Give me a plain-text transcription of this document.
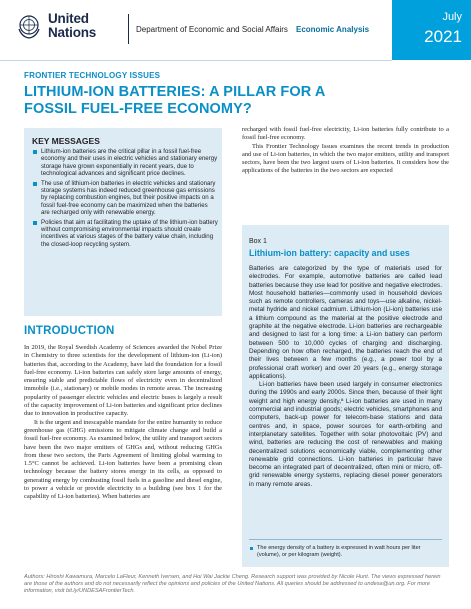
United
Nations	Department of Economic and Social Affairs Economic Analysis
July
2021
FRONTIER TECHNOLOGY ISSUES
LITHIUM-ION BATTERIES: A PILLAR FOR A FOSSIL FUEL-FREE ECONOMY?
KEY MESSAGES
Lithium-ion batteries are the critical pillar in a fossil fuel-free economy and their uses in electric vehicles and stationary energy storage have grown exponentially in recent years, due to technological advances and significant price declines.
The use of lithium-ion batteries in electric vehicles and stationary storage systems has indeed reduced greenhouse gas emissions by replacing combustion engines, but their positive impacts on a fossil fuel-free economy can be maximized when the batteries are recharged only with renewable energy.
Policies that aim at facilitating the uptake of the lithium-ion battery without compromising environmental impacts should create incentives at various stages of the battery value chain, including the closed-loop recycling system.
INTRODUCTION

In 2019, the Royal Swedish Academy of Sciences awarded the Nobel Prize in Chemistry to three scientists for the development of lithium-ion (Li-ion) batteries that, according to the Academy, have laid the foundation for a fossil fuel-free economy. Li-ion batteries can safely store large amounts of energy, ensuring stable and predictable flows of electricity even in decentralized immobile (i.e., stationary) or mobile modes in remote areas. The increasing popularity of passenger electric vehicles and electric buses is largely a result of the capacity improvement of Li-ion batteries and significant price declines due to innovation in productive capacity.

It is the urgent and inescapable mandate for the entire humanity to reduce greenhouse gas (GHG) emissions to mitigate climate change and build a fossil fuel-free economy. As examined below, the utility and transport sectors have been the two major emitters of GHGs and, without reducing GHGs from these two sectors, the Paris Agreement of limiting global warming to 1.5°C cannot be achieved. Li-ion batteries have been a promising clean technology because the battery stores energy in its cells, as opposed to generating energy by combusting fossil fuels in a gasoline and diesel engine, to power a vehicle or provide electricity to a building (see box 1 for the capability of Li-ion batteries). When batteries are

recharged with fossil fuel-free electricity, Li-ion batteries fully contribute to a fossil fuel-free economy.

This Frontier Technology Issues examines the recent trends in production and use of Li-ion batteries, in which the two major emitters, utility and transport sectors, have been the two largest users of Li-ion batteries. It considers how the applications of the batteries in the two sectors are expected

Box 1
Lithium-ion battery: capacity and uses

Batteries are categorized by the type of materials used for electrodes. For example, automotive batteries are called lead batteries because they use lead for positive and negative electrodes. Most household batteries—commonly used in household devices such as remote controllers, cameras and toys—use alkaline, nickel-metal hydride and nickel cadmium. Lithium-ion (Li-ion) batteries use a lithium compound as the material at the positive electrode and graphite at the negative electrode. Li-ion batteries are rechargeable and designed to last for a long time: a Li-ion battery can perform between 500 to 10,000 cycles of charging and discharging. Depending on how often recharged, the batteries reach the end of their lives between a few months (e.g., a power tool by a professional craft worker) and over 20 years (e.g., energy storage applications).

Li-ion batteries have been used largely in consumer electronics during the 1990s and early 2000s. Since then, because of their light weight and high energy density,ª Li-ion batteries are used in many commercial and industrial goods; electric vehicles, smartphones and computers, back-up power for telecom-base stations and data centres and, in space, power sources for earth-orbiting and interplanetary satellites. Together with solar photovoltaic (PV) and wind, batteries are reducing the cost of renewables and making decentralized solutions economically viable, complementing other renewable grid connections. Li-ion batteries in particular have become an integrated part of decentralized, often mini or micro, off-grid renewable energy systems, replacing diesel power generators in many remote areas.

The energy density of a battery is expressed in watt hours per liter (volume), or per kilogram (weight).
Authors: Hiroshi Kawamura, Marcelo LaFleur, Kenneth Iversen, and Hoi Wai Jackie Cheng. Research support was provided by Nicole Hunt. The views expressed herein are those of the authors and do not necessarily reflect the opinions and policies of the United Nations. All queries should be addressed to undesa@un.org. For more information, visit bit.ly/UNDESAFrontierTech.
